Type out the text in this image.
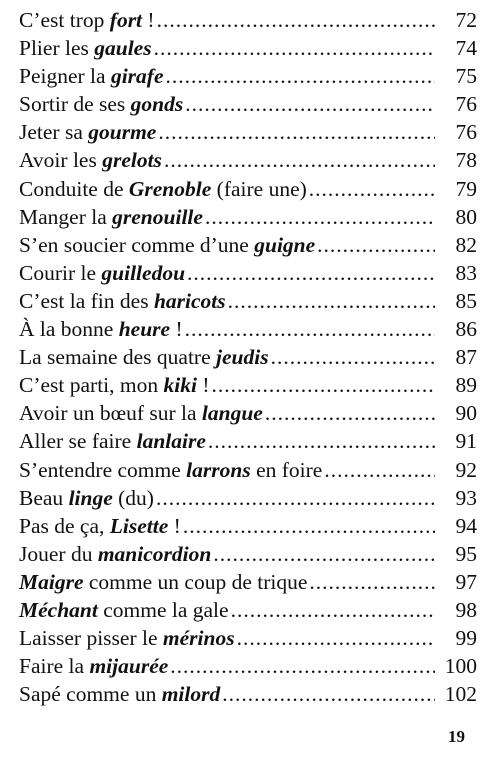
C’est trop fort ! .....	72
Plier les gaules .....	74
Peigner la girafe .....	75
Sortir de ses gonds .....	76
Jeter sa gourme .....	76
Avoir les grelots .....	78
Conduite de Grenoble (faire une) .....	79
Manger la grenouille .....	80
S’en soucier comme d’une guigne .....	82
Courir le guilledou .....	83
C’est la fin des haricots .....	85
À la bonne heure ! .....	86
La semaine des quatre jeudis .....	87
C’est parti, mon kiki ! .....	89
Avoir un bœuf sur la langue .....	90
Aller se faire lanlaire .....	91
S’entendre comme larrons en foire .....	92
Beau linge (du) .....	93
Pas de ça, Lisette ! .....	94
Jouer du manicordion .....	95
Maigre comme un coup de trique .....	97
Méchant comme la gale .....	98
Laisser pisser le mérinos .....	99
Faire la mijaurée .....	100
Sapé comme un milord .....	102
19
